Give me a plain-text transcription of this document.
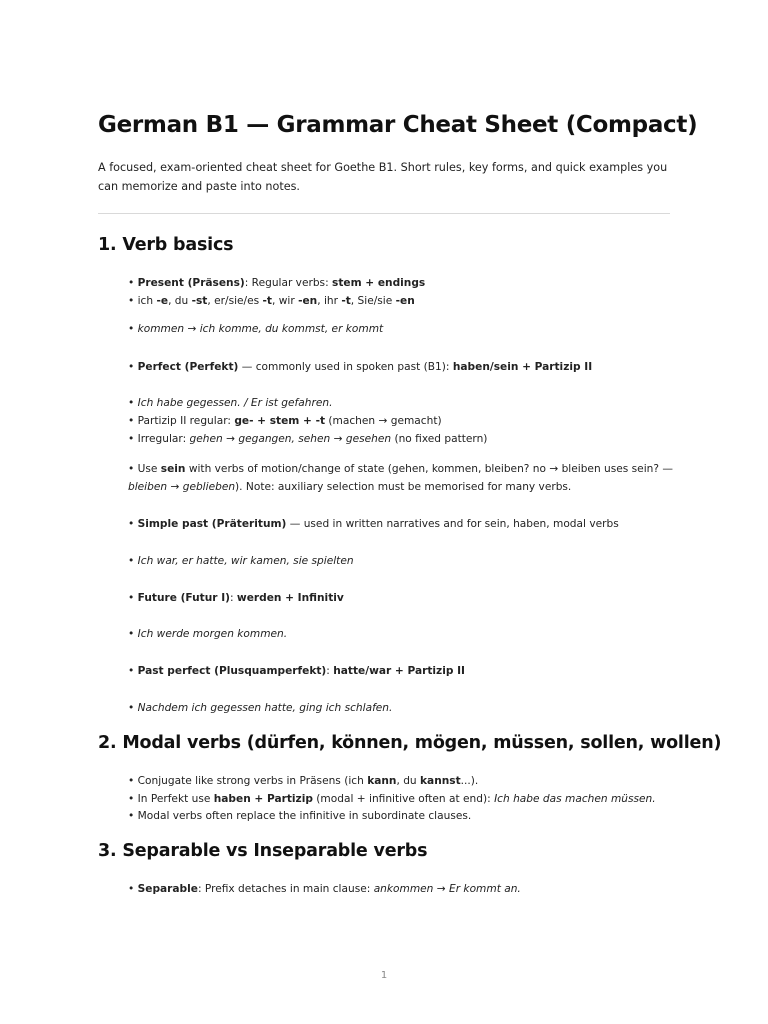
German B1 — Grammar Cheat Sheet (Compact)

A focused, exam-oriented cheat sheet for Goethe B1. Short rules, key forms, and quick examples you can memorize and paste into notes.

1. Verb basics

• Present (Präsens): Regular verbs: stem + endings

• ich -e, du -st, er/sie/es -t, wir -en, ihr -t, Sie/sie -en

• kommen → ich komme, du kommst, er kommt

• Perfect (Perfekt) — commonly used in spoken past (B1): haben/sein + Partizip II

• Ich habe gegessen. / Er ist gefahren.

• Partizip II regular: ge- + stem + -t (machen → gemacht)

• Irregular: gehen → gegangen, sehen → gesehen (no fixed pattern)

• Use sein with verbs of motion/change of state (gehen, kommen, bleiben? no → bleiben uses sein? — bleiben → geblieben). Note: auxiliary selection must be memorised for many verbs.

• Simple past (Präteritum) — used in written narratives and for sein, haben, modal verbs

• Ich war, er hatte, wir kamen, sie spielten

• Future (Futur I): werden + Infinitiv

• Ich werde morgen kommen.

• Past perfect (Plusquamperfekt): hatte/war + Partizip II

• Nachdem ich gegessen hatte, ging ich schlafen.

2. Modal verbs (dürfen, können, mögen, müssen, sollen, wollen)

• Conjugate like strong verbs in Präsens (ich kann, du kannst...).

• In Perfekt use haben + Partizip (modal + infinitive often at end): Ich habe das machen müssen.

• Modal verbs often replace the infinitive in subordinate clauses.

3. Separable vs Inseparable verbs

• Separable: Prefix detaches in main clause: ankommen → Er kommt an.

1
